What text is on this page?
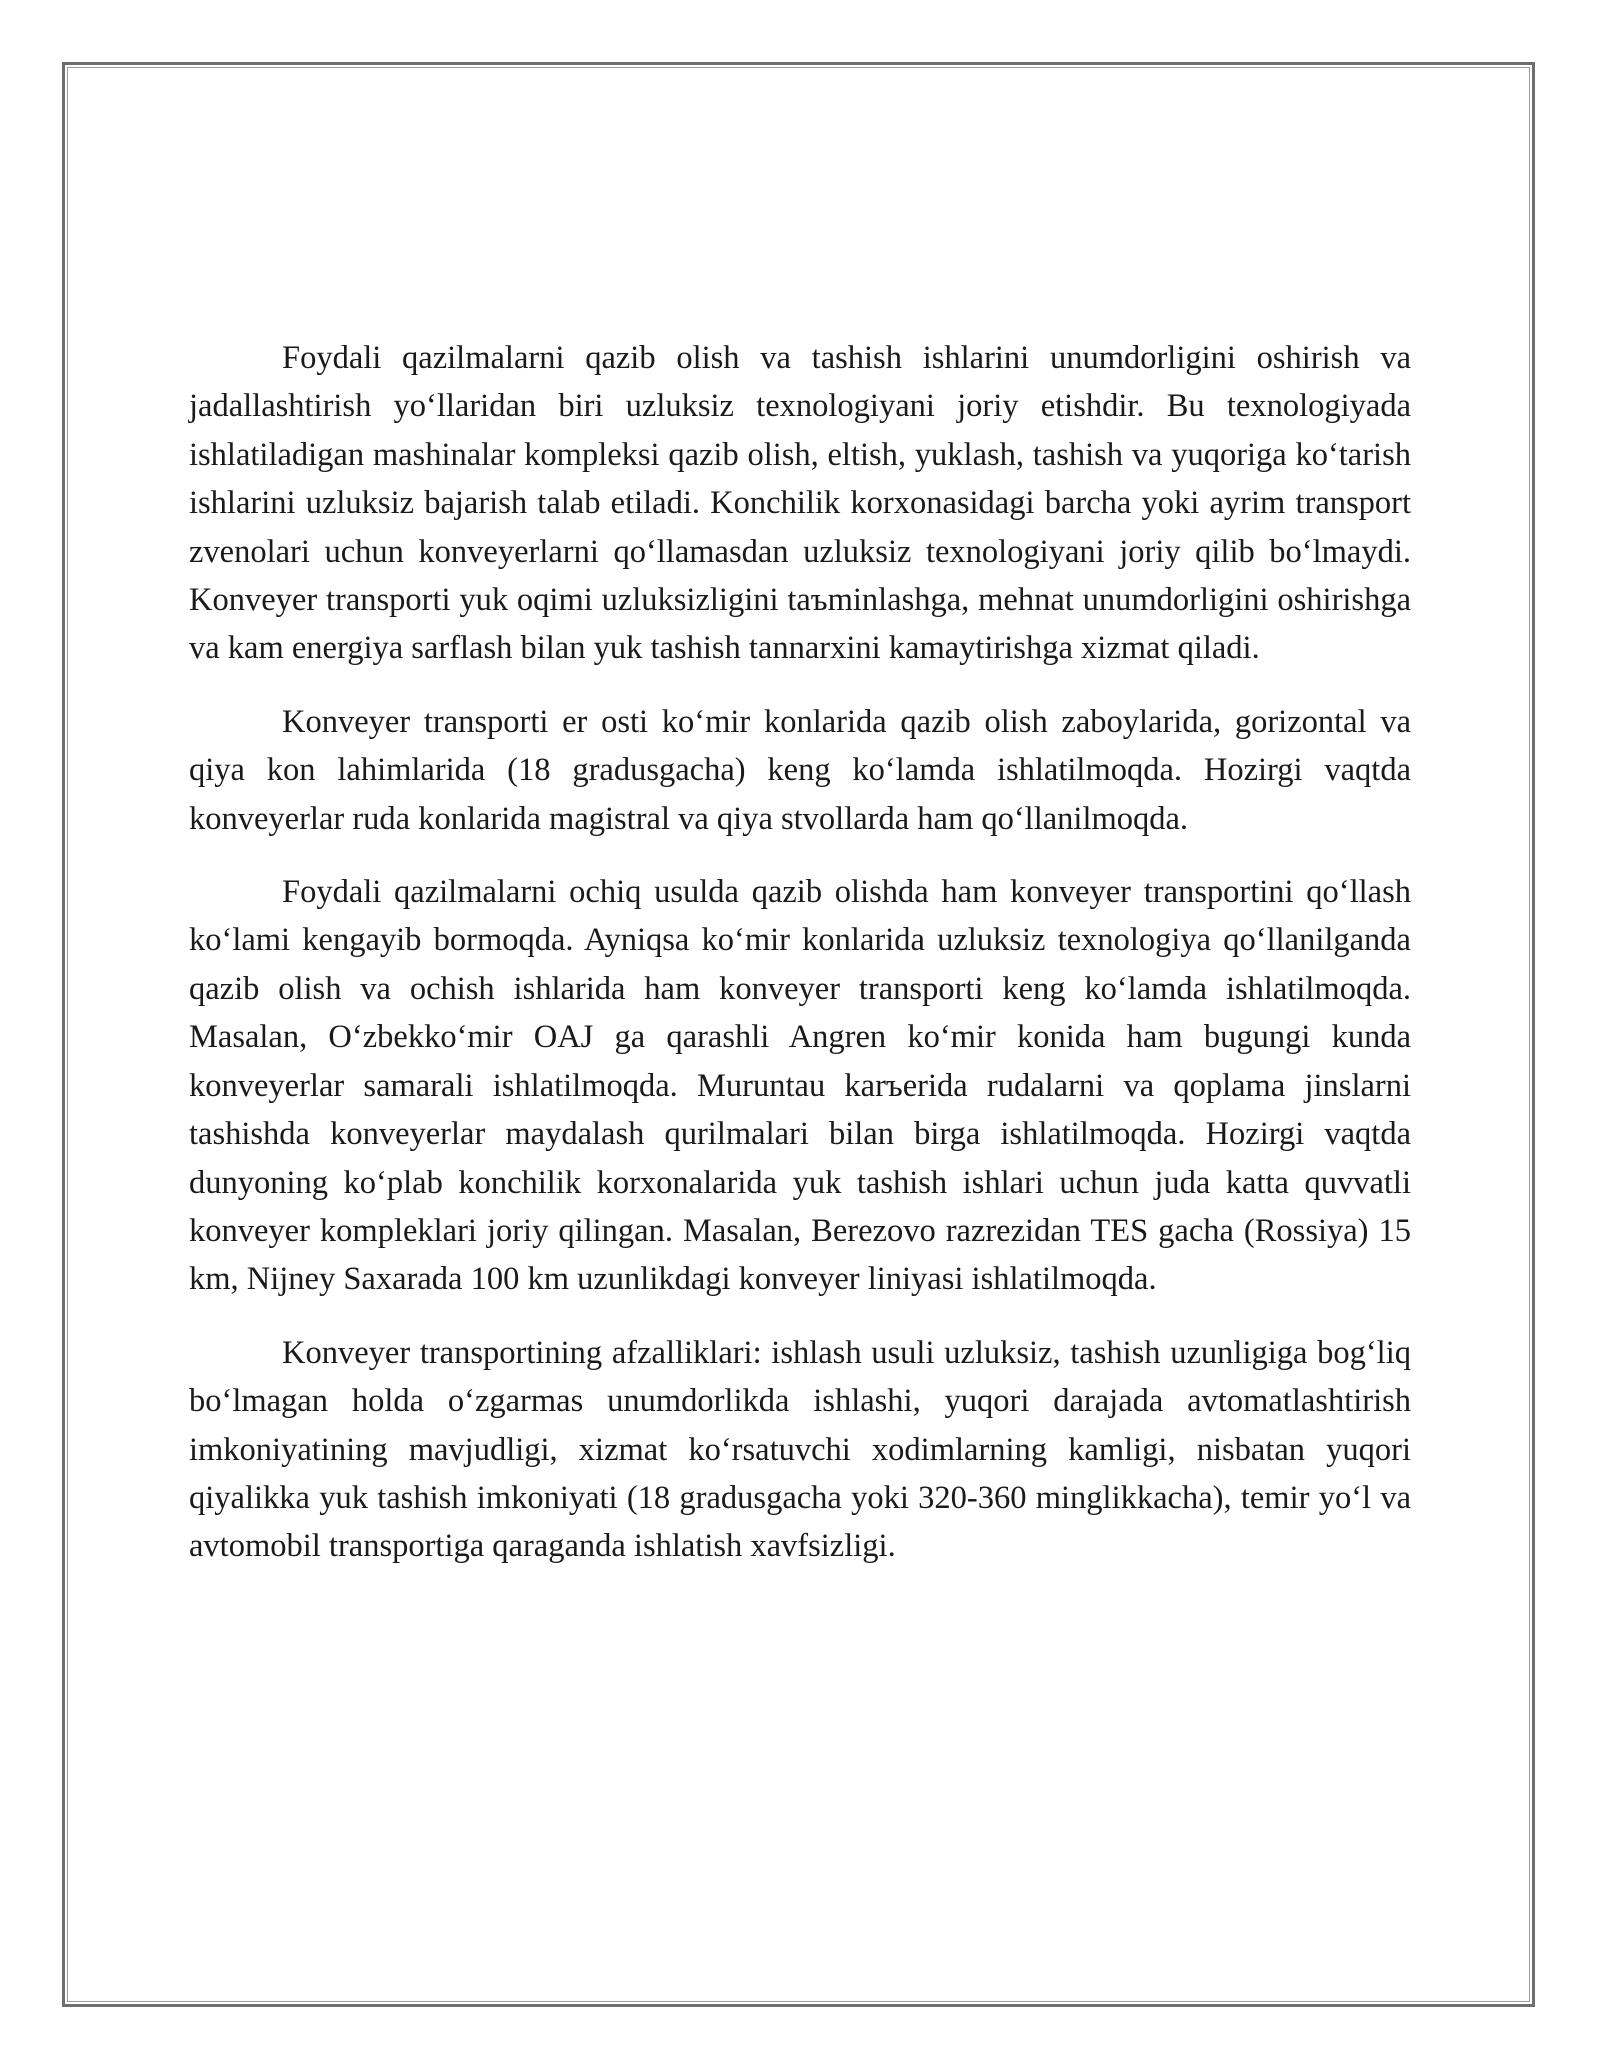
Foydali qazilmalarni qazib olish va tashish ishlarini unumdorligini oshirish va jadallashtirish yoʻllaridan biri uzluksiz texnologiyani joriy etishdir. Bu texnologiyada ishlatiladigan mashinalar kompleksi qazib olish, eltish, yuklash, tashish va yuqoriga koʻtarish ishlarini uzluksiz bajarish talab etiladi. Konchilik korxonasidagi barcha yoki ayrim transport zvenolari uchun konveyerlarni qoʻllamasdan uzluksiz texnologiyani joriy qilib boʻlmaydi. Konveyer transporti yuk oqimi uzluksizligini taъminlashga, mehnat unumdorligini oshirishga va kam energiya sarflash bilan yuk tashish tannarxini kamaytirishga xizmat qiladi.

Konveyer transporti er osti koʻmir konlarida qazib olish zaboylarida, gorizontal va qiya kon lahimlarida (18 gradusgacha) keng koʻlamda ishlatilmoqda. Hozirgi vaqtda konveyerlar ruda konlarida magistral va qiya stvollarda ham qoʻllanilmoqda.

Foydali qazilmalarni ochiq usulda qazib olishda ham konveyer transportini qoʻllash koʻlami kengayib bormoqda. Ayniqsa koʻmir konlarida uzluksiz texnologiya qoʻllanilganda qazib olish va ochish ishlarida ham konveyer transporti keng koʻlamda ishlatilmoqda. Masalan, Oʻzbekkoʻmir OAJ ga qarashli Angren koʻmir konida ham bugungi kunda konveyerlar samarali ishlatilmoqda. Muruntau karъerida rudalarni va qoplama jinslarni tashishda konveyerlar maydalash qurilmalari bilan birga ishlatilmoqda. Hozirgi vaqtda dunyoning koʻplab konchilik korxonalarida yuk tashish ishlari uchun juda katta quvvatli konveyer kompleklari joriy qilingan. Masalan, Berezovo razrezidan TES gacha (Rossiya) 15 km, Nijney Saxarada 100 km uzunlikdagi konveyer liniyasi ishlatilmoqda.

Konveyer transportining afzalliklari: ishlash usuli uzluksiz, tashish uzunligiga bogʻliq boʻlmagan holda oʻzgarmas unumdorlikda ishlashi, yuqori darajada avtomatlashtirish imkoniyatining mavjudligi, xizmat koʻrsatuvchi xodimlarning kamligi, nisbatan yuqori qiyalikka yuk tashish imkoniyati (18 gradusgacha yoki 320-360 minglikkacha), temir yoʻl va avtomobil transportiga qaraganda ishlatish xavfsizligi.
